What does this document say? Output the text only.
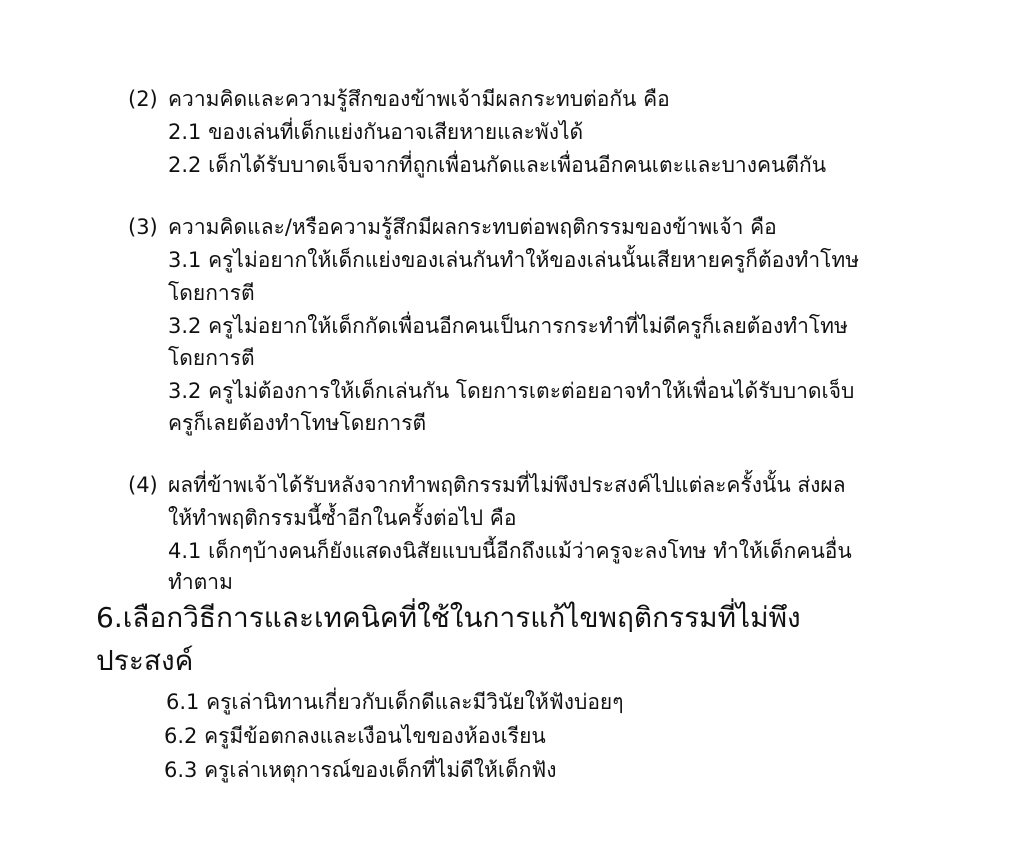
(2) ความคิดและความรู้สึกของข้าพเจ้ามีผลกระทบต่อกัน คือ
2.1 ของเล่นที่เด็กแย่งกันอาจเสียหายและพังได้
2.2 เด็กได้รับบาดเจ็บจากที่ถูกเพื่อนกัดและเพื่อนอีกคนเตะและบางคนตีกัน
(3) ความคิดและ/หรือความรู้สึกมีผลกระทบต่อพฤติกรรมของข้าพเจ้า คือ
3.1 ครูไม่อยากให้เด็กแย่งของเล่นกันทำให้ของเล่นนั้นเสียหายครูก็ต้องทำโทษ
โดยการตี
3.2 ครูไม่อยากให้เด็กกัดเพื่อนอีกคนเป็นการกระทำที่ไม่ดีครูก็เลยต้องทำโทษ
โดยการตี
3.2 ครูไม่ต้องการให้เด็กเล่นกัน โดยการเตะต่อยอาจทำให้เพื่อนได้รับบาดเจ็บ
ครูก็เลยต้องทำโทษโดยการตี
(4) ผลที่ข้าพเจ้าได้รับหลังจากทำพฤติกรรมที่ไม่พึงประสงค์ไปแต่ละครั้งนั้น ส่งผล
ให้ทำพฤติกรรมนี้ซ้ำอีกในครั้งต่อไป คือ
4.1 เด็กๆบ้างคนก็ยังแสดงนิสัยแบบนี้อีกถึงแม้ว่าครูจะลงโทษ ทำให้เด็กคนอื่น
ทำตาม
6.เลือกวิธีการและเทคนิคที่ใช้ในการแก้ไขพฤติกรรมที่ไม่พึง
ประสงค์
6.1 ครูเล่านิทานเกี่ยวกับเด็กดีและมีวินัยให้ฟังบ่อยๆ
6.2 ครูมีข้อตกลงและเงือนไขของห้องเรียน
6.3 ครูเล่าเหตุการณ์ของเด็กที่ไม่ดีให้เด็กฟัง
